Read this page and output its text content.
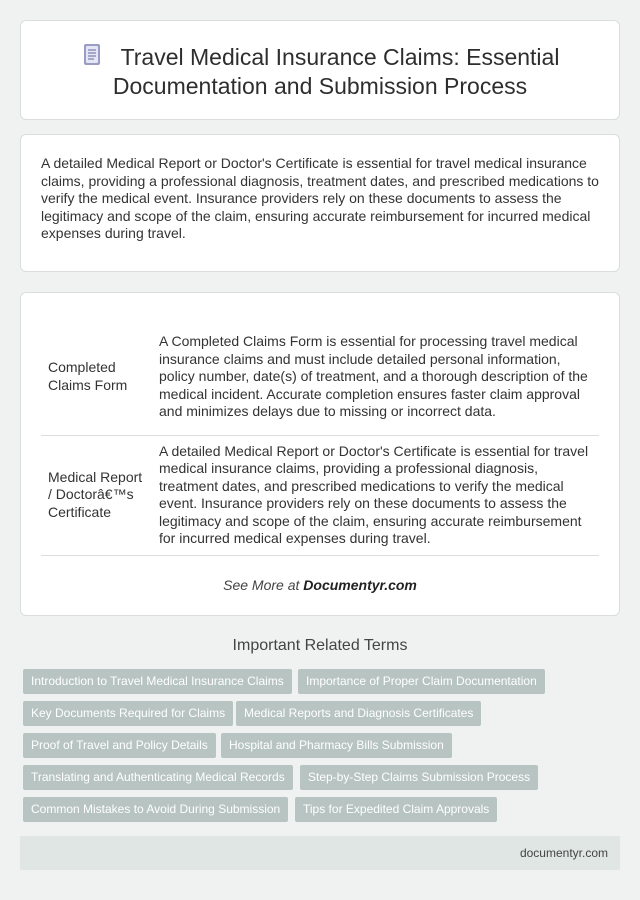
Travel Medical Insurance Claims: Essential
Documentation and Submission Process

A detailed Medical Report or Doctor's Certificate is essential for travel medical insurance claims, providing a professional diagnosis, treatment dates, and prescribed medications to verify the medical event. Insurance providers rely on these documents to assess the legitimacy and scope of the claim, ensuring accurate reimbursement for incurred medical expenses during travel.

Completed Claims Form	A Completed Claims Form is essential for processing travel medical insurance claims and must include detailed personal information, policy number, date(s) of treatment, and a thorough description of the medical incident. Accurate completion ensures faster claim approval and minimizes delays due to missing or incorrect data.
Medical Report / Doctorâ€™s Certificate	A detailed Medical Report or Doctor's Certificate is essential for travel medical insurance claims, providing a professional diagnosis, treatment dates, and prescribed medications to verify the medical event. Insurance providers rely on these documents to assess the legitimacy and scope of the claim, ensuring accurate reimbursement for incurred medical expenses during travel.
See More at Documentyr.com
Important Related Terms
Introduction to Travel Medical Insurance Claims	Importance of Proper Claim Documentation
Key Documents Required for Claims	Medical Reports and Diagnosis Certificates
Proof of Travel and Policy Details	Hospital and Pharmacy Bills Submission
Translating and Authenticating Medical Records	Step-by-Step Claims Submission Process
Common Mistakes to Avoid During Submission	Tips for Expedited Claim Approvals
documentyr.com
